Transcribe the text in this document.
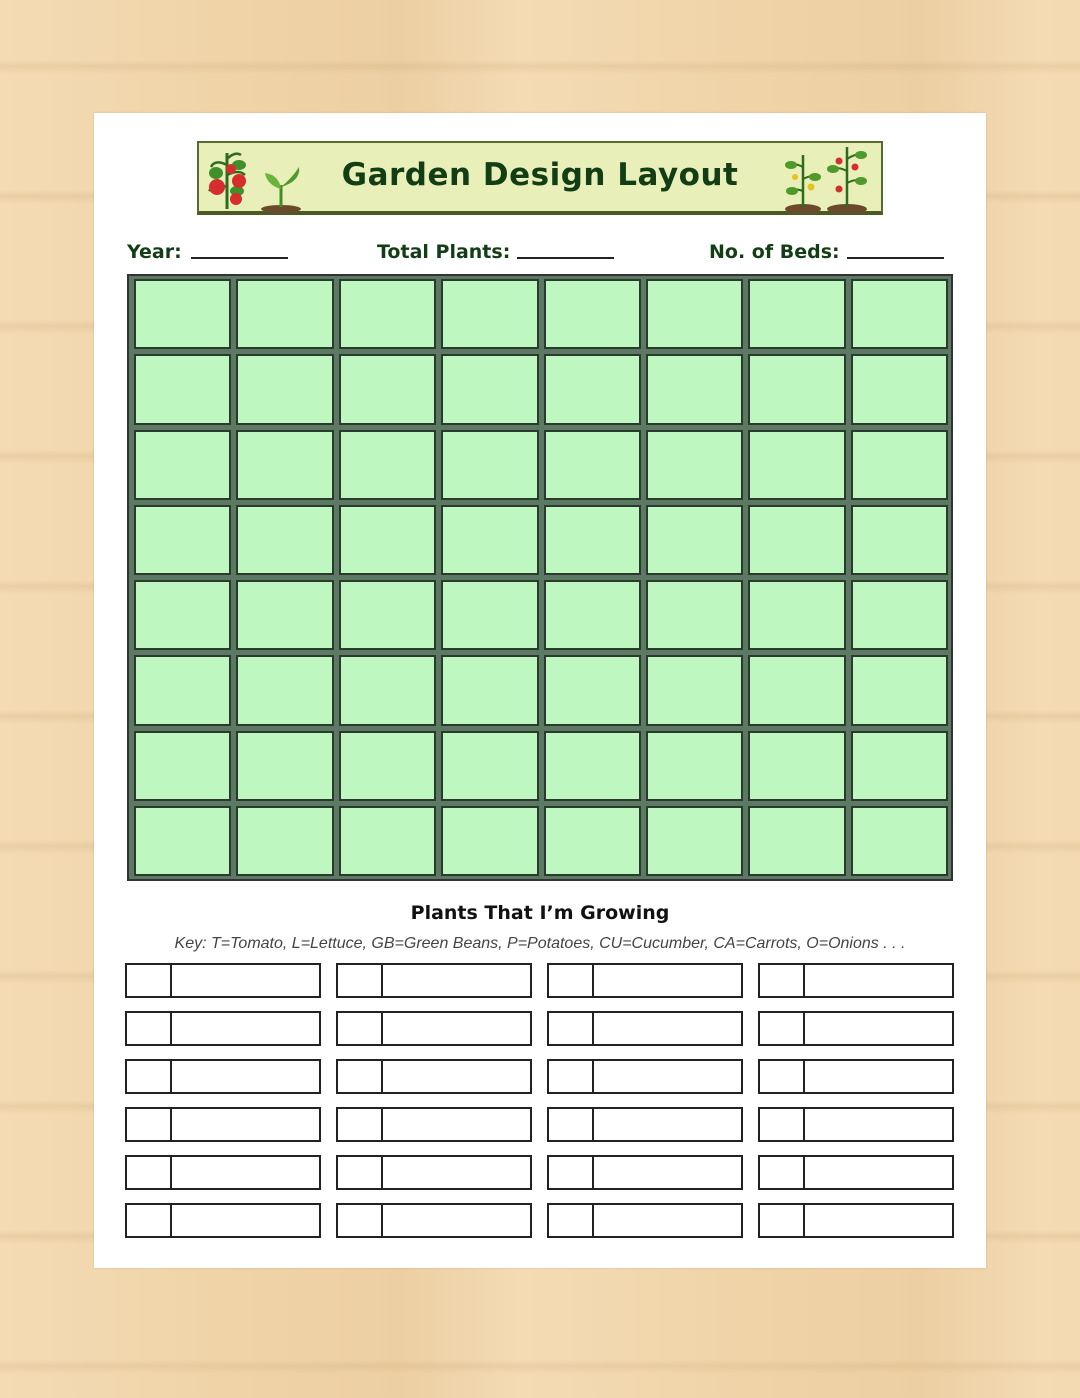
Garden Design Layout
Year:	Total Plants:	No. of Beds:
Plants That I’m Growing
Key: T=Tomato, L=Lettuce, GB=Green Beans, P=Potatoes, CU=Cucumber, CA=Carrots, O=Onions . . .
